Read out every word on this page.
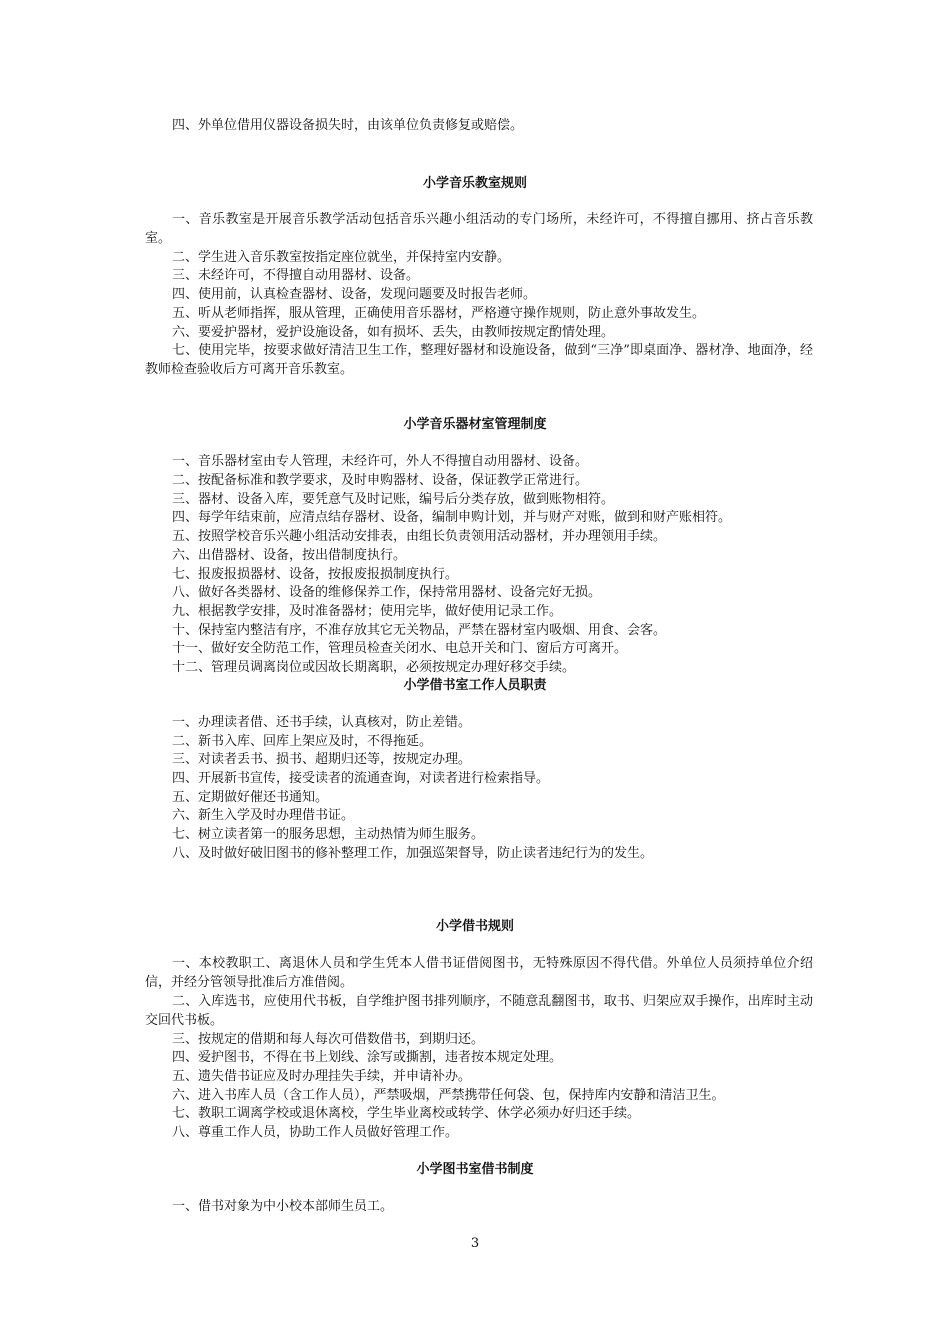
四、外单位借用仪器设备损失时，由该单位负责修复或赔偿。

小学音乐教室规则

一、音乐教室是开展音乐教学活动包括音乐兴趣小组活动的专门场所，未经许可，不得擅自挪用、挤占音乐教室。

二、学生进入音乐教室按指定座位就坐，并保持室内安静。

三、未经许可，不得擅自动用器材、设备。

四、使用前，认真检查器材、设备，发现问题要及时报告老师。

五、听从老师指挥，服从管理，正确使用音乐器材，严格遵守操作规则，防止意外事故发生。

六、要爱护器材，爱护设施设备，如有损坏、丢失，由教师按规定酌情处理。

七、使用完毕，按要求做好清洁卫生工作，整理好器材和设施设备，做到“三净”即桌面净、器材净、地面净，经教师检查验收后方可离开音乐教室。

小学音乐器材室管理制度

一、音乐器材室由专人管理，未经许可，外人不得擅自动用器材、设备。

二、按配备标准和教学要求，及时申购器材、设备，保证教学正常进行。

三、器材、设备入库，要凭意气及时记账，编号后分类存放，做到账物相符。

四、每学年结束前，应清点结存器材、设备，编制申购计划，并与财产对账，做到和财产账相符。

五、按照学校音乐兴趣小组活动安排表，由组长负责领用活动器材，并办理领用手续。

六、出借器材、设备，按出借制度执行。

七、报废报损器材、设备，按报废报损制度执行。

八、做好各类器材、设备的维修保养工作，保持常用器材、设备完好无损。

九、根据教学安排，及时准备器材；使用完毕，做好使用记录工作。

十、保持室内整洁有序，不准存放其它无关物品，严禁在器材室内吸烟、用食、会客。

十一、做好安全防范工作，管理员检查关闭水、电总开关和门、窗后方可离开。

十二、管理员调离岗位或因故长期离职，必须按规定办理好移交手续。

小学借书室工作人员职责

一、办理读者借、还书手续，认真核对，防止差错。

二、新书入库、回库上架应及时，不得拖延。

三、对读者丢书、损书、超期归还等，按规定办理。

四、开展新书宣传，接受读者的流通查询，对读者进行检索指导。

五、定期做好催还书通知。

六、新生入学及时办理借书证。

七、树立读者第一的服务思想，主动热情为师生服务。

八、及时做好破旧图书的修补整理工作，加强巡架督导，防止读者违纪行为的发生。

小学借书规则

一、本校教职工、离退休人员和学生凭本人借书证借阅图书，无特殊原因不得代借。外单位人员须持单位介绍信，并经分管领导批准后方准借阅。

二、入库选书，应使用代书板，自学维护图书排列顺序，不随意乱翻图书，取书、归架应双手操作，出库时主动交回代书板。

三、按规定的借期和每人每次可借数借书，到期归还。

四、爱护图书，不得在书上划线、涂写或撕割，违者按本规定处理。

五、遗失借书证应及时办理挂失手续，并申请补办。

六、进入书库人员（含工作人员），严禁吸烟，严禁携带任何袋、包，保持库内安静和清洁卫生。

七、教职工调离学校或退休离校，学生毕业离校或转学、休学必须办好归还手续。

八、尊重工作人员，协助工作人员做好管理工作。

小学图书室借书制度

一、借书对象为中小校本部师生员工。

3
